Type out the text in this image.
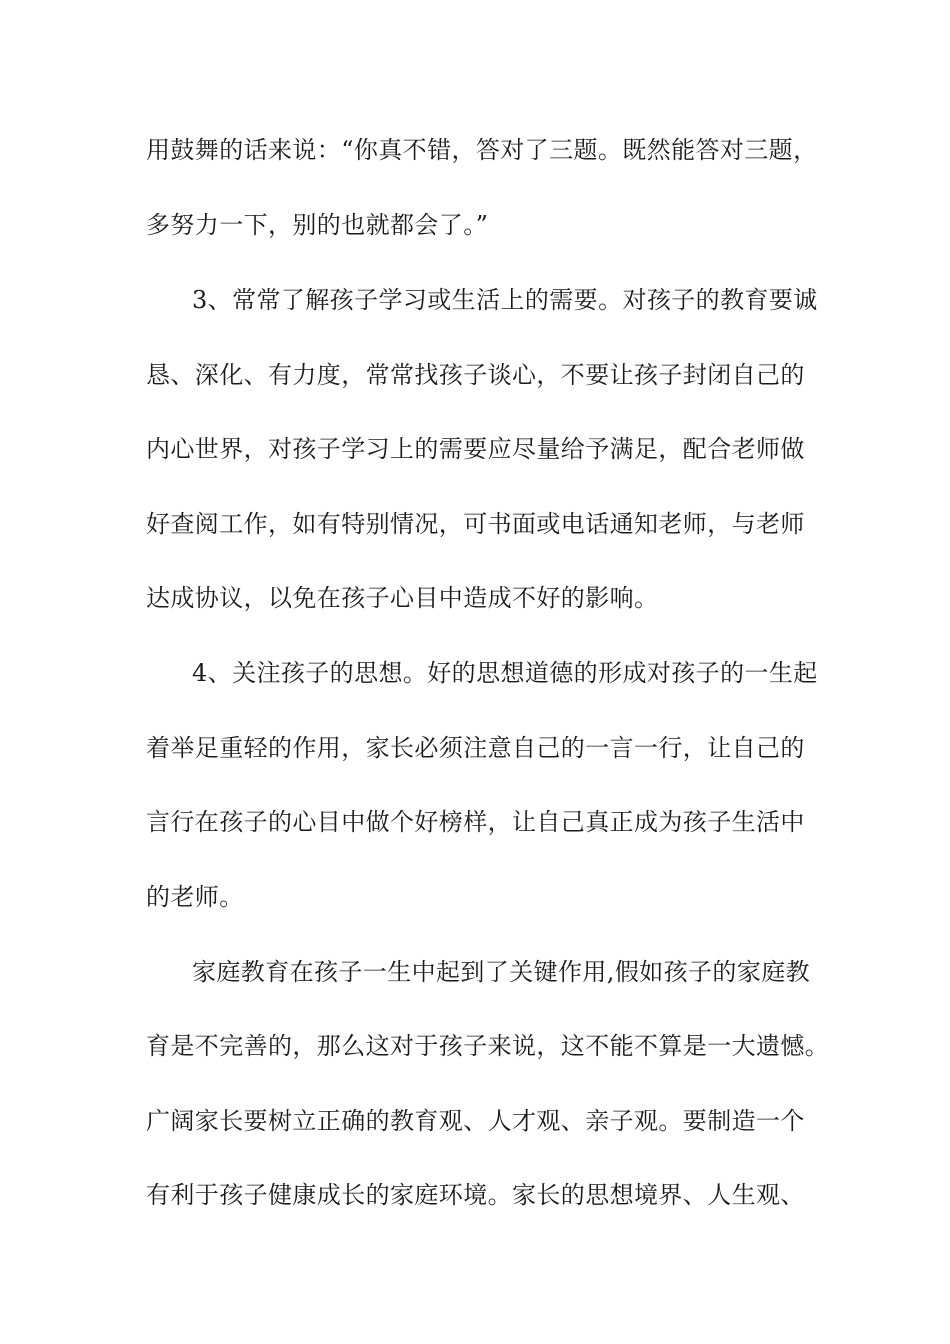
用鼓舞的话来说：“你真不错，答对了三题。既然能答对三题，

多努力一下，别的也就都会了。”

3、常常了解孩子学习或生活上的需要。对孩子的教育要诚

恳、深化、有力度，常常找孩子谈心，不要让孩子封闭自己的

内心世界，对孩子学习上的需要应尽量给予满足，配合老师做

好查阅工作，如有特别情况，可书面或电话通知老师，与老师

达成协议，以免在孩子心目中造成不好的影响。

4、关注孩子的思想。好的思想道德的形成对孩子的一生起

着举足重轻的作用，家长必须注意自己的一言一行，让自己的

言行在孩子的心目中做个好榜样，让自己真正成为孩子生活中

的老师。

家庭教育在孩子一生中起到了关键作用,假如孩子的家庭教

育是不完善的，那么这对于孩子来说，这不能不算是一大遗憾。

广阔家长要树立正确的教育观、人才观、亲子观。要制造一个

有利于孩子健康成长的家庭环境。家长的思想境界、人生观、
